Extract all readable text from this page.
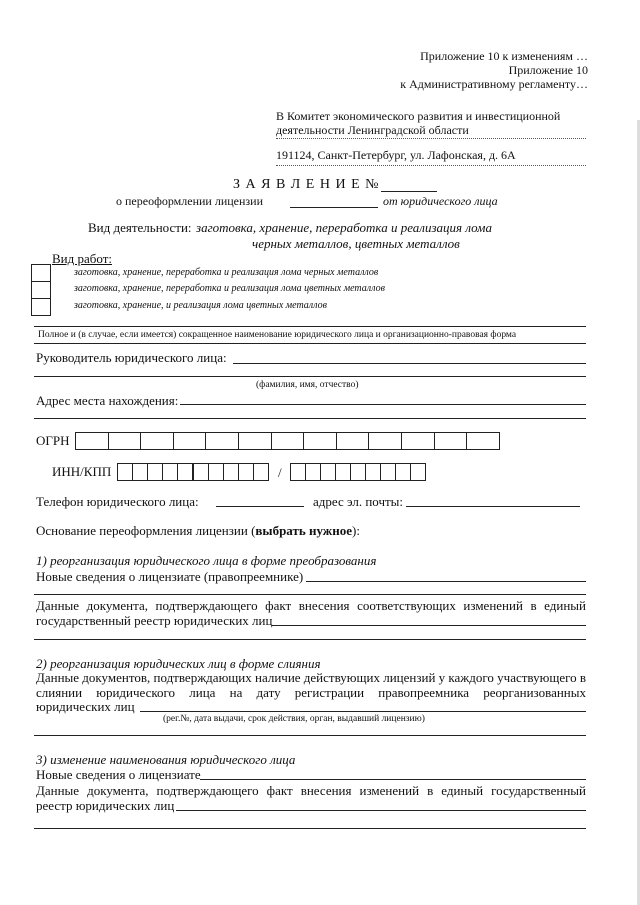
Приложение 10 к изменениям …
Приложение 10
к Административному регламенту…
В Комитет экономического развития и инвестиционной
деятельности Ленинградской области
191124, Санкт-Петербург, ул. Лафонская, д. 6А
З А Я В Л Е Н И Е №
о переоформлении лицензии	от юридического лица
Вид деятельности: заготовка, хранение, переработка и реализация лома
черных металлов, цветных металлов
Вид работ:
заготовка, хранение, переработка и реализация лома черных металлов
заготовка, хранение, переработка и реализация лома цветных металлов
заготовка, хранение, и реализация лома цветных металлов
Полное и (в случае, если имеется) сокращенное наименование юридического лица и организационно-правовая форма
Руководитель юридического лица:
(фамилия, имя, отчество)
Адрес места нахождения:
ОГРН
ИНН/КПП	/
Телефон юридического лица:	адрес эл. почты:
Основание переоформления лицензии (выбрать нужное):
1) реорганизация юридического лица в форме преобразования
Новые сведения о лицензиате (правопреемнике)
Данные документа, подтверждающего факт внесения соответствующих изменений в единый
государственный реестр юридических лиц
2) реорганизация юридических лиц в форме слияния
Данные документов, подтверждающих наличие действующих лицензий у каждого участвующего в
слиянии юридического лица на дату регистрации правопреемника реорганизованных
юридических лиц
(рег.№, дата выдачи, срок действия, орган, выдавший лицензию)
3) изменение наименования юридического лица
Новые сведения о лицензиате
Данные документа, подтверждающего факт внесения изменений в единый государственный
реестр юридических лиц
